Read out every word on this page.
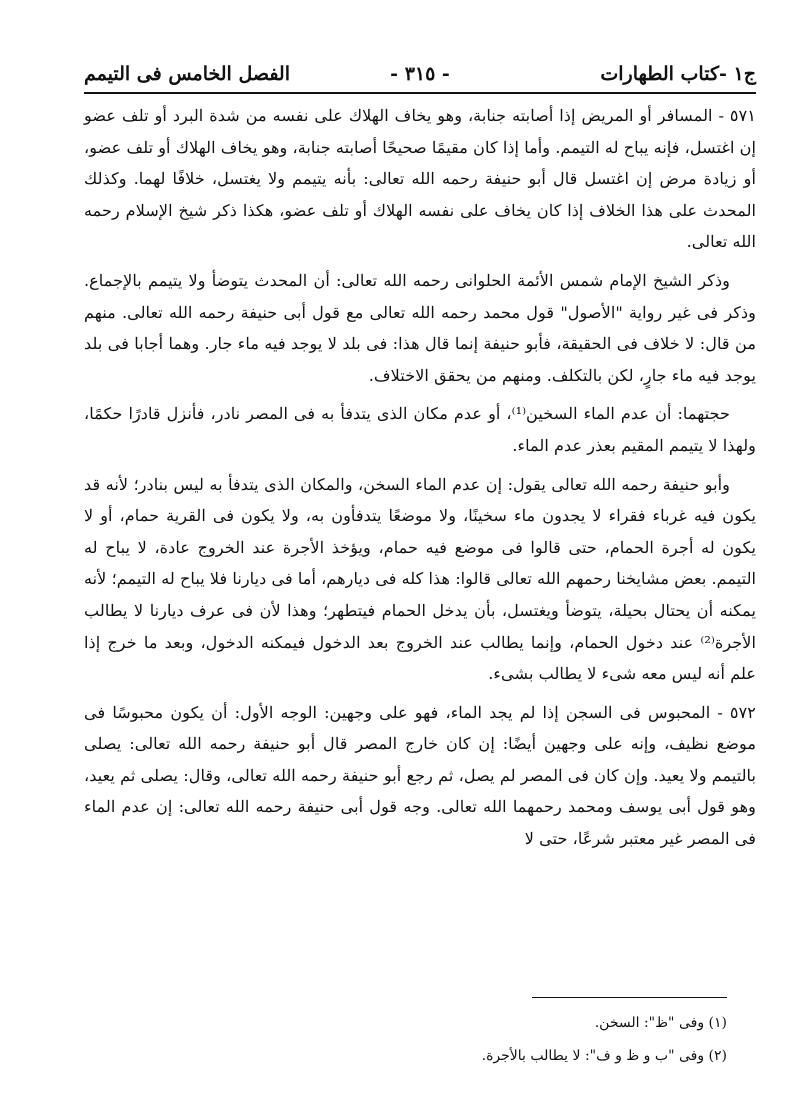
ج١ -كتاب الطهارات
- ٣١٥ -
الفصل الخامس فى التيمم

٥٧١ - المسافر أو المريض إذا أصابته جنابة، وهو يخاف الهلاك على نفسه من شدة البرد أو تلف عضو إن اغتسل، فإنه يباح له التيمم. وأما إذا كان مقيمًا صحيحًا أصابته جنابة، وهو يخاف الهلاك أو تلف عضو، أو زيادة مرض إن اغتسل قال أبو حنيفة رحمه الله تعالى: بأنه يتيمم ولا يغتسل، خلافًا لهما. وكذلك المحدث على هذا الخلاف إذا كان يخاف على نفسه الهلاك أو تلف عضو، هكذا ذكر شيخ الإسلام رحمه الله تعالى.

وذكر الشيخ الإمام شمس الأئمة الحلوانى رحمه الله تعالى: أن المحدث يتوضأ ولا يتيمم بالإجماع. وذكر فى غير رواية "الأصول" قول محمد رحمه الله تعالى مع قول أبى حنيفة رحمه الله تعالى. منهم من قال: لا خلاف فى الحقيقة، فأبو حنيفة إنما قال هذا: فى بلد لا يوجد فيه ماء جار. وهما أجابا فى بلد يوجد فيه ماء جارٍ، لكن بالتكلف. ومنهم من يحقق الاختلاف.

حجتهما: أن عدم الماء السخين⁽¹⁾، أو عدم مكان الذى يتدفأ به فى المصر نادر، فأنزل قادرًا حكمًا، ولهذا لا يتيمم المقيم بعذر عدم الماء.

وأبو حنيفة رحمه الله تعالى يقول: إن عدم الماء السخن، والمكان الذى يتدفأ به ليس بنادر؛ لأنه قد يكون فيه غرباء فقراء لا يجدون ماء سخينًا، ولا موضعًا يتدفأون به، ولا يكون فى القرية حمام، أو لا يكون له أجرة الحمام، حتى قالوا فى موضع فيه حمام، ويؤخذ الأجرة عند الخروج عادة، لا يباح له التيمم. بعض مشايخنا رحمهم الله تعالى قالوا: هذا كله فى ديارهم، أما فى ديارنا فلا يباح له التيمم؛ لأنه يمكنه أن يحتال بحيلة، يتوضأ ويغتسل، بأن يدخل الحمام فيتطهر؛ وهذا لأن فى عرف ديارنا لا يطالب الأجرة⁽²⁾ عند دخول الحمام، وإنما يطالب عند الخروج بعد الدخول فيمكنه الدخول، وبعد ما خرج إذا علم أنه ليس معه شىء لا يطالب بشىء.

٥٧٢ - المحبوس فى السجن إذا لم يجد الماء، فهو على وجهين: الوجه الأول: أن يكون محبوسًا فى موضع نظيف، وإنه على وجهين أيضًا: إن كان خارج المصر قال أبو حنيفة رحمه الله تعالى: يصلى بالتيمم ولا يعيد. وإن كان فى المصر لم يصل، ثم رجع أبو حنيفة رحمه الله تعالى، وقال: يصلى ثم يعيد، وهو قول أبى يوسف ومحمد رحمهما الله تعالى. وجه قول أبى حنيفة رحمه الله تعالى: إن عدم الماء فى المصر غير معتبر شرعًا، حتى لا

(١) وفى "ظ": السخن.
(٢) وفى "ب و ظ و ف": لا يطالب بالأجرة.
